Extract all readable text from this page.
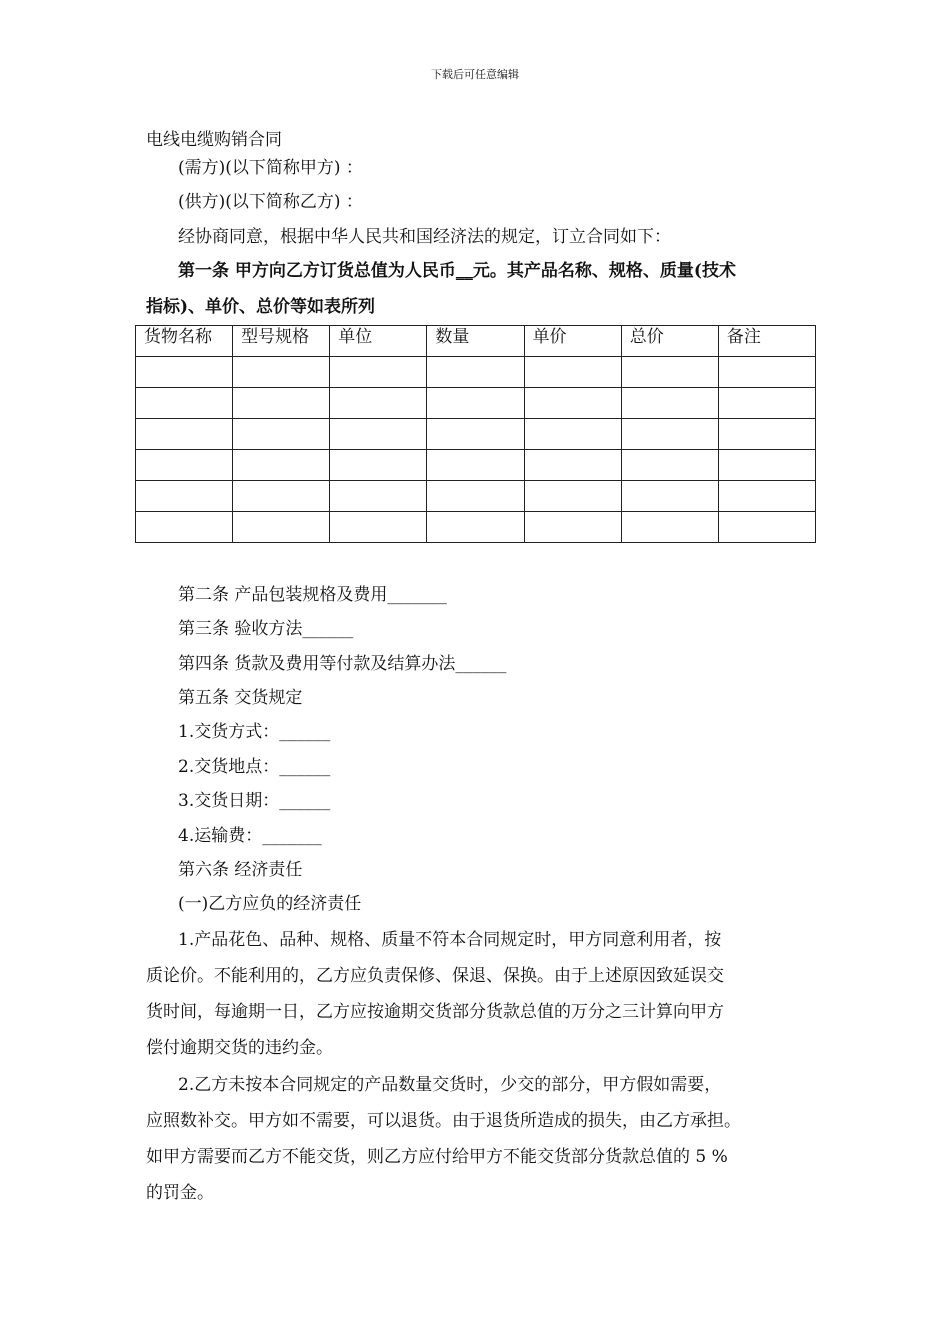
下载后可任意编辑
电线电缆购销合同
(需方)(以下简称甲方) ：
(供方)(以下简称乙方) ：
经协商同意，根据中华人民共和国经济法的规定，订立合同如下：
第一条 甲方向乙方订货总值为人民币__元。其产品名称、规格、质量(技术
指标)、单价、总价等如表所列
货物名称	型号规格	单位	数量	单价	总价	备注

第二条 产品包装规格及费用_______
第三条 验收方法______
第四条 货款及费用等付款及结算办法______
第五条 交货规定
1.交货方式：______
2.交货地点：______
3.交货日期：______
4.运输费：_______
第六条 经济责任
(一)乙方应负的经济责任
1.产品花色、品种、规格、质量不符本合同规定时，甲方同意利用者，按
质论价。不能利用的，乙方应负责保修、保退、保换。由于上述原因致延误交
货时间，每逾期一日，乙方应按逾期交货部分货款总值的万分之三计算向甲方
偿付逾期交货的违约金。
2.乙方未按本合同规定的产品数量交货时，少交的部分，甲方假如需要，
应照数补交。甲方如不需要，可以退货。由于退货所造成的损失，由乙方承担。
如甲方需要而乙方不能交货，则乙方应付给甲方不能交货部分货款总值的 5 %
的罚金。
